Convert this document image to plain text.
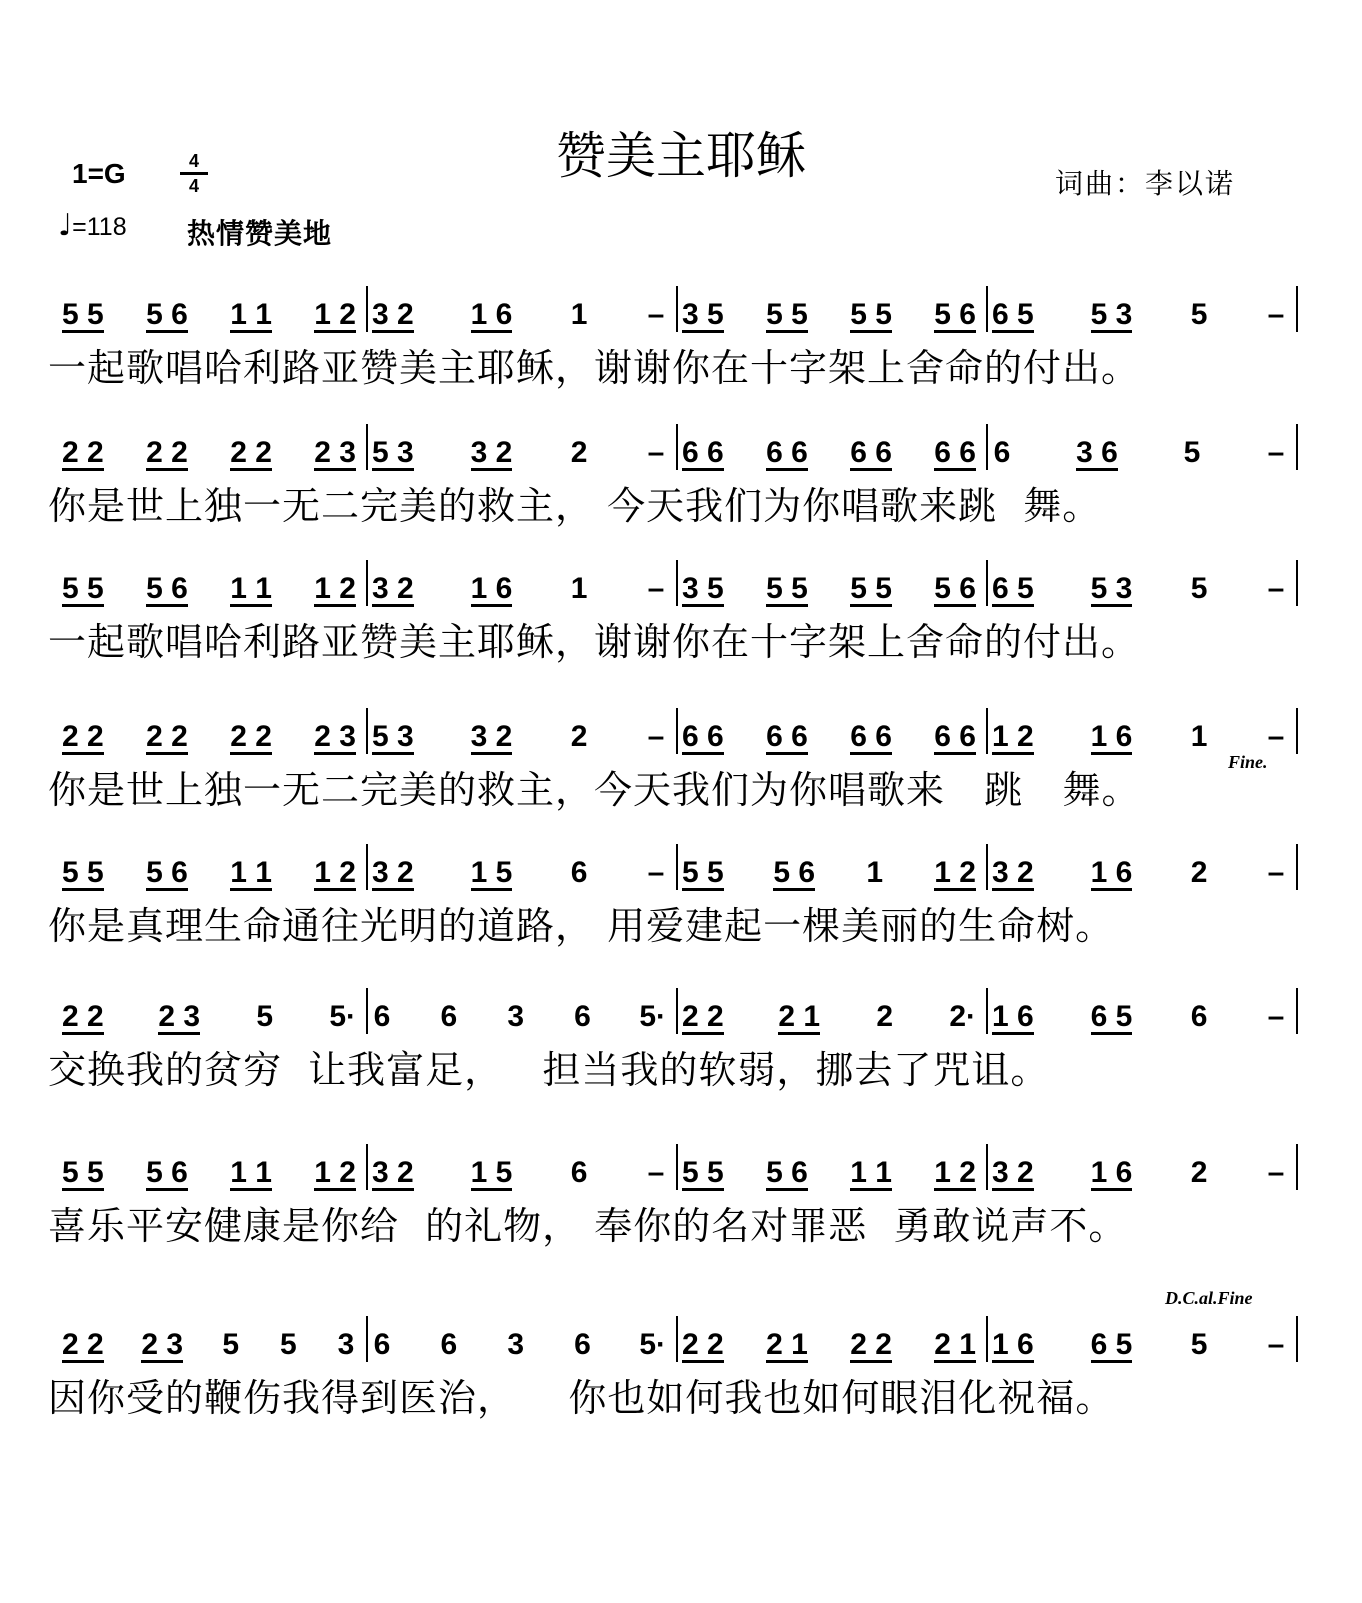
赞美主耶稣
1=G	4
4
♩=118 热情赞美地
词曲：李以诺
Fine.
D.C.al.Fine
5 5 5 6 1 1 1 2 3 2 1 6 1 – 3 5 5 5 5 5 5 6 6 5 5 3 5 –
一起歌唱哈利路亚赞美主耶稣，谢谢你在十字架上舍命的付出。
2 2 2 2 2 2 2 3 5 3 3 2 2 – 6 6 6 6 6 6 6 6 6 3 6 5 –
你是世上独一无二完美的救主， 今天我们为你唱歌来跳  舞。
5 5 5 6 1 1 1 2 3 2 1 6 1 – 3 5 5 5 5 5 5 6 6 5 5 3 5 –
一起歌唱哈利路亚赞美主耶稣，谢谢你在十字架上舍命的付出。
2 2 2 2 2 2 2 3 5 3 3 2 2 – 6 6 6 6 6 6 6 6 1 2 1 6 1 –
你是世上独一无二完美的救主，今天我们为你唱歌来   跳   舞。
5 5 5 6 1 1 1 2 3 2 1 5 6 – 5 5 5 6 1 1 2 3 2 1 6 2 –
你是真理生命通往光明的道路， 用爱建起一棵美丽的生命树。
2 2 2 3 5 5· 6 6 3 6 5· 2 2 2 1 2 2· 1 6 6 5 6 –
交换我的贫穷  让我富足，   担当我的软弱，挪去了咒诅。
5 5 5 6 1 1 1 2 3 2 1 5 6 – 5 5 5 6 1 1 1 2 3 2 1 6 2 –
喜乐平安健康是你给  的礼物， 奉你的名对罪恶  勇敢说声不。
2 2 2 3 5 5 3 6 6 3 6 5· 2 2 2 1 2 2 2 1 1 6 6 5 5 –
因你受的鞭伤我得到医治，    你也如何我也如何眼泪化祝福。
